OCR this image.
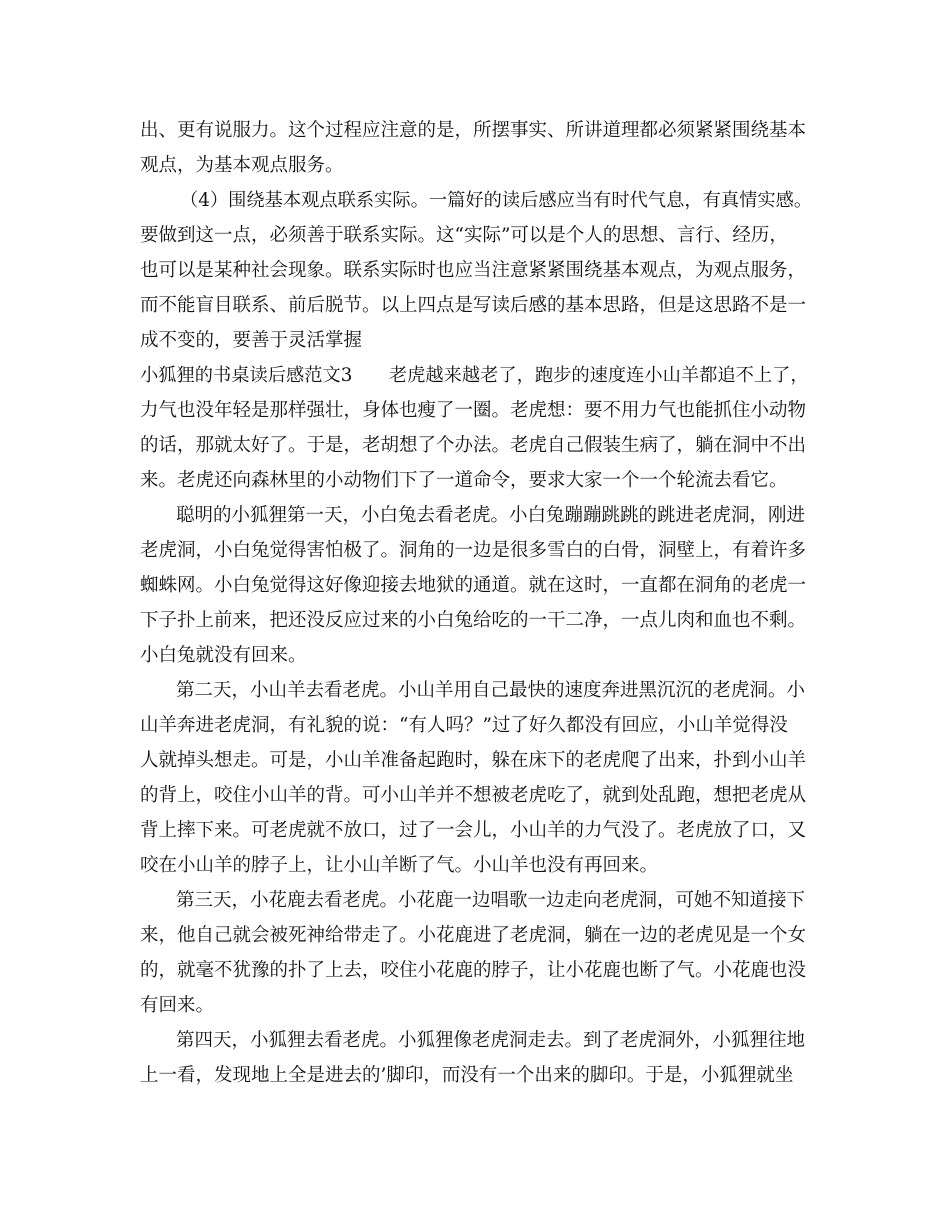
出、更有说服力。这个过程应注意的是，所摆事实、所讲道理都必须紧紧围绕基本
观点，为基本观点服务。
（4）围绕基本观点联系实际。一篇好的读后感应当有时代气息，有真情实感。
要做到这一点，必须善于联系实际。这“实际”可以是个人的思想、言行、经历，
也可以是某种社会现象。联系实际时也应当注意紧紧围绕基本观点，为观点服务，
而不能盲目联系、前后脱节。以上四点是写读后感的基本思路，但是这思路不是一
成不变的，要善于灵活掌握
小狐狸的书桌读后感范文3　　老虎越来越老了，跑步的速度连小山羊都追不上了，
力气也没年轻是那样强壮，身体也瘦了一圈。老虎想：要不用力气也能抓住小动物
的话，那就太好了。于是，老胡想了个办法。老虎自己假装生病了，躺在洞中不出
来。老虎还向森林里的小动物们下了一道命令，要求大家一个一个轮流去看它。
聪明的小狐狸第一天，小白兔去看老虎。小白兔蹦蹦跳跳的跳进老虎洞，刚进
老虎洞，小白兔觉得害怕极了。洞角的一边是很多雪白的白骨，洞壁上，有着许多
蜘蛛网。小白兔觉得这好像迎接去地狱的通道。就在这时，一直都在洞角的老虎一
下子扑上前来，把还没反应过来的小白兔给吃的一干二净，一点儿肉和血也不剩。
小白兔就没有回来。
第二天，小山羊去看老虎。小山羊用自己最快的速度奔进黑沉沉的老虎洞。小
山羊奔进老虎洞，有礼貌的说：“有人吗？”过了好久都没有回应，小山羊觉得没
人就掉头想走。可是，小山羊准备起跑时，躲在床下的老虎爬了出来，扑到小山羊
的背上，咬住小山羊的背。可小山羊并不想被老虎吃了，就到处乱跑，想把老虎从
背上摔下来。可老虎就不放口，过了一会儿，小山羊的力气没了。老虎放了口，又
咬在小山羊的脖子上，让小山羊断了气。小山羊也没有再回来。
第三天，小花鹿去看老虎。小花鹿一边唱歌一边走向老虎洞，可她不知道接下
来，他自己就会被死神给带走了。小花鹿进了老虎洞，躺在一边的老虎见是一个女
的，就毫不犹豫的扑了上去，咬住小花鹿的脖子，让小花鹿也断了气。小花鹿也没
有回来。
第四天，小狐狸去看老虎。小狐狸像老虎洞走去。到了老虎洞外，小狐狸往地
上一看，发现地上全是进去的’脚印，而没有一个出来的脚印。于是，小狐狸就坐
